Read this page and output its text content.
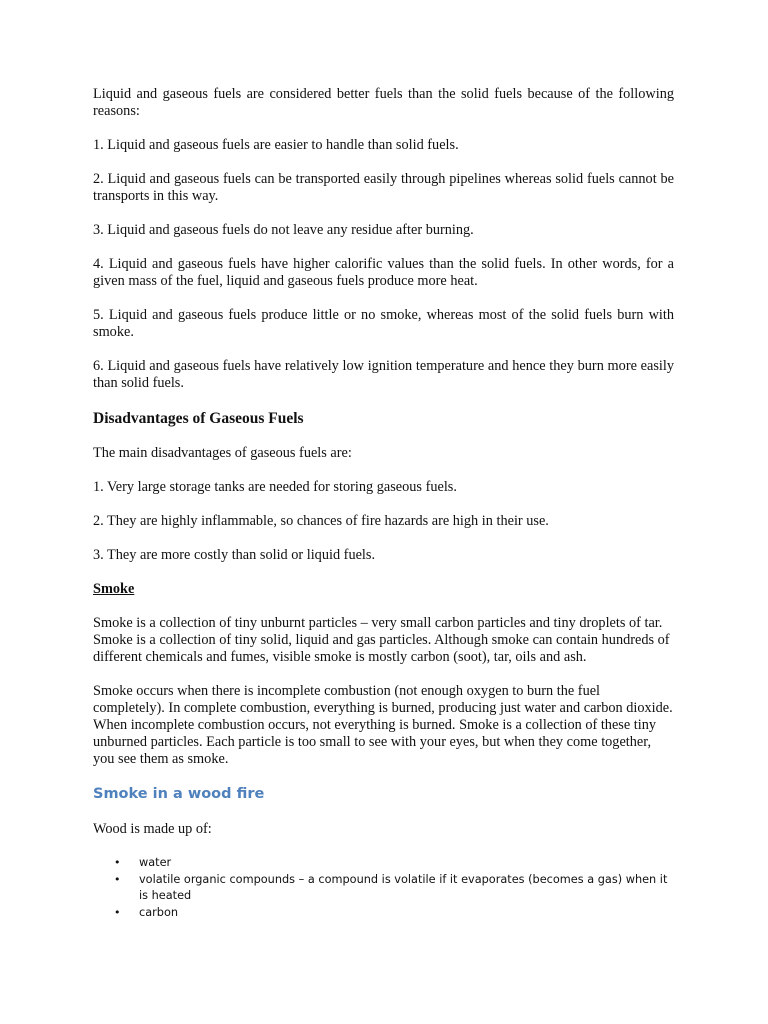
Liquid and gaseous fuels are considered better fuels than the solid fuels because of the following reasons:

1. Liquid and gaseous fuels are easier to handle than solid fuels.

2. Liquid and gaseous fuels can be transported easily through pipelines whereas solid fuels cannot be transports in this way.

3. Liquid and gaseous fuels do not leave any residue after burning.

4. Liquid and gaseous fuels have higher calorific values than the solid fuels. In other words, for a given mass of the fuel, liquid and gaseous fuels produce more heat.

5. Liquid and gaseous fuels produce little or no smoke, whereas most of the solid fuels burn with smoke.

6. Liquid and gaseous fuels have relatively low ignition temperature and hence they burn more easily than solid fuels.

Disadvantages of Gaseous Fuels

The main disadvantages of gaseous fuels are:

1. Very large storage tanks are needed for storing gaseous fuels.

2. They are highly inflammable, so chances of fire hazards are high in their use.

3. They are more costly than solid or liquid fuels.

Smoke

Smoke is a collection of tiny unburnt particles – very small carbon particles and tiny droplets of tar. Smoke is a collection of tiny solid, liquid and gas particles. Although smoke can contain hundreds of different chemicals and fumes, visible smoke is mostly carbon (soot), tar, oils and ash.

Smoke occurs when there is incomplete combustion (not enough oxygen to burn the fuel completely). In complete combustion, everything is burned, producing just water and carbon dioxide. When incomplete combustion occurs, not everything is burned. Smoke is a collection of these tiny unburned particles. Each particle is too small to see with your eyes, but when they come together, you see them as smoke.

Smoke in a wood fire

Wood is made up of:

• water
• volatile organic compounds – a compound is volatile if it evaporates (becomes a gas) when it is heated
• carbon
